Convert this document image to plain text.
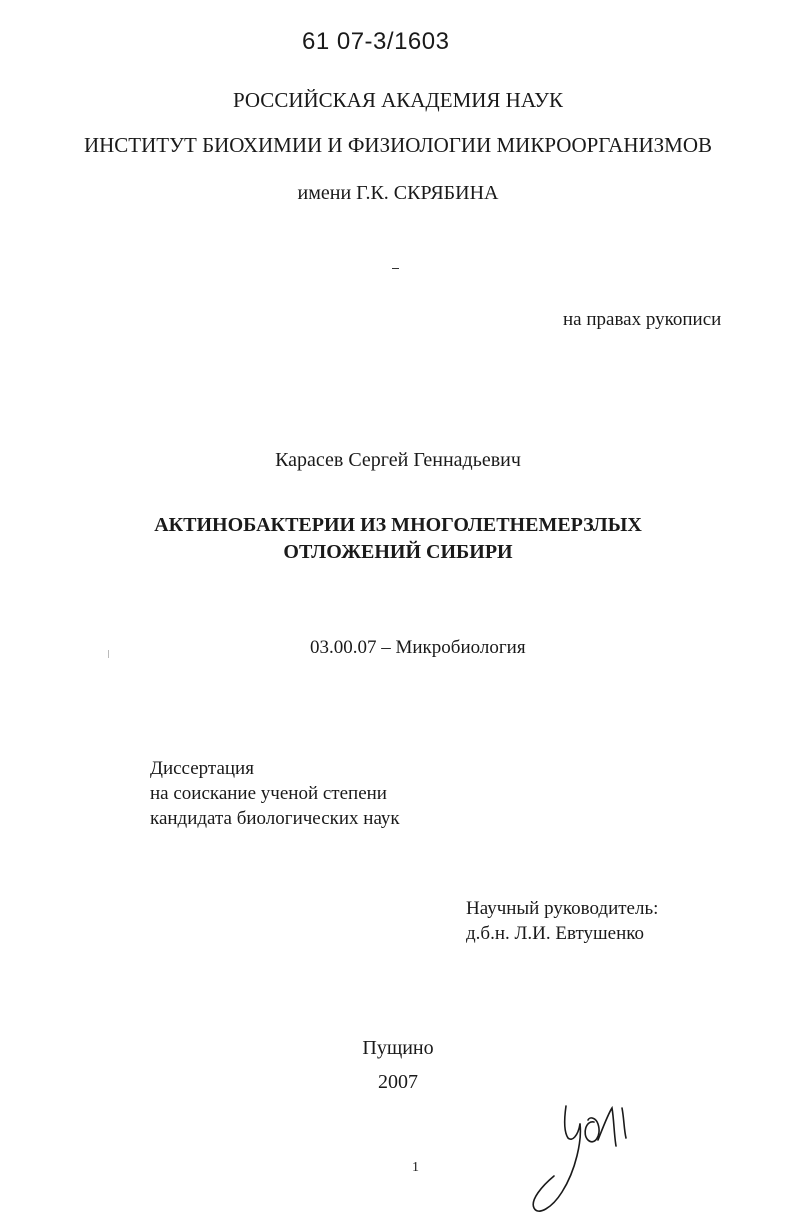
61 07-3/1603
РОССИЙСКАЯ АКАДЕМИЯ НАУК
ИНСТИТУТ БИОХИМИИ И ФИЗИОЛОГИИ МИКРООРГАНИЗМОВ
имени Г.К. СКРЯБИНА
на правах рукописи
Карасев Сергей Геннадьевич
АКТИНОБАКТЕРИИ ИЗ МНОГОЛЕТНЕМЕРЗЛЫХ
ОТЛОЖЕНИЙ СИБИРИ
03.00.07 – Микробиология
Диссертация
на соискание ученой степени
кандидата биологических наук
Научный руководитель:
д.б.н. Л.И. Евтушенко
Пущино
2007
1
